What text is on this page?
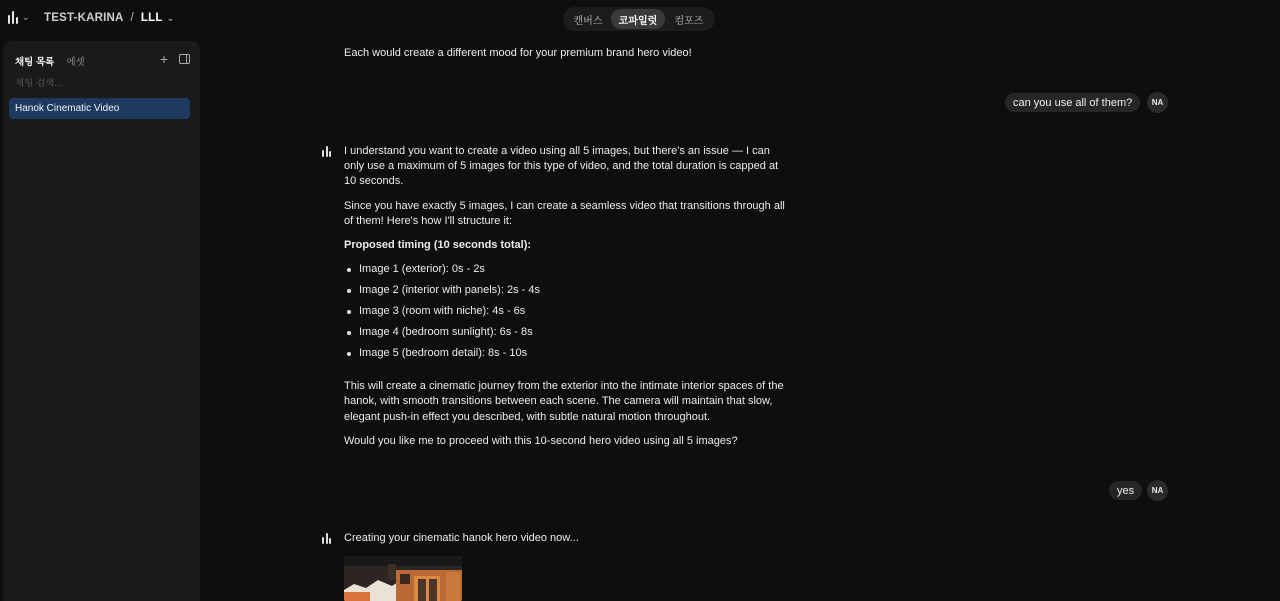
⌄ TEST-KARINA / LLL ⌄	캔버스	코파일럿	컴포즈
채팅 목록 에셋	+
채팅 검색...
Hanok Cinematic Video

Each would create a different mood for your premium brand hero video!

can you use all of them?	NA

I understand you want to create a video using all 5 images, but there's an issue — I can only use a maximum of 5 images for this type of video, and the total duration is capped at 10 seconds.

Since you have exactly 5 images, I can create a seamless video that transitions through all of them! Here's how I'll structure it:

Proposed timing (10 seconds total):

Image 1 (exterior): 0s - 2s
Image 2 (interior with panels): 2s - 4s
Image 3 (room with niche): 4s - 6s
Image 4 (bedroom sunlight): 6s - 8s
Image 5 (bedroom detail): 8s - 10s

This will create a cinematic journey from the exterior into the intimate interior spaces of the hanok, with smooth transitions between each scene. The camera will maintain that slow, elegant push-in effect you described, with subtle natural motion throughout.

Would you like me to proceed with this 10-second hero video using all 5 images?

yes	NA

Creating your cinematic hanok hero video now...
